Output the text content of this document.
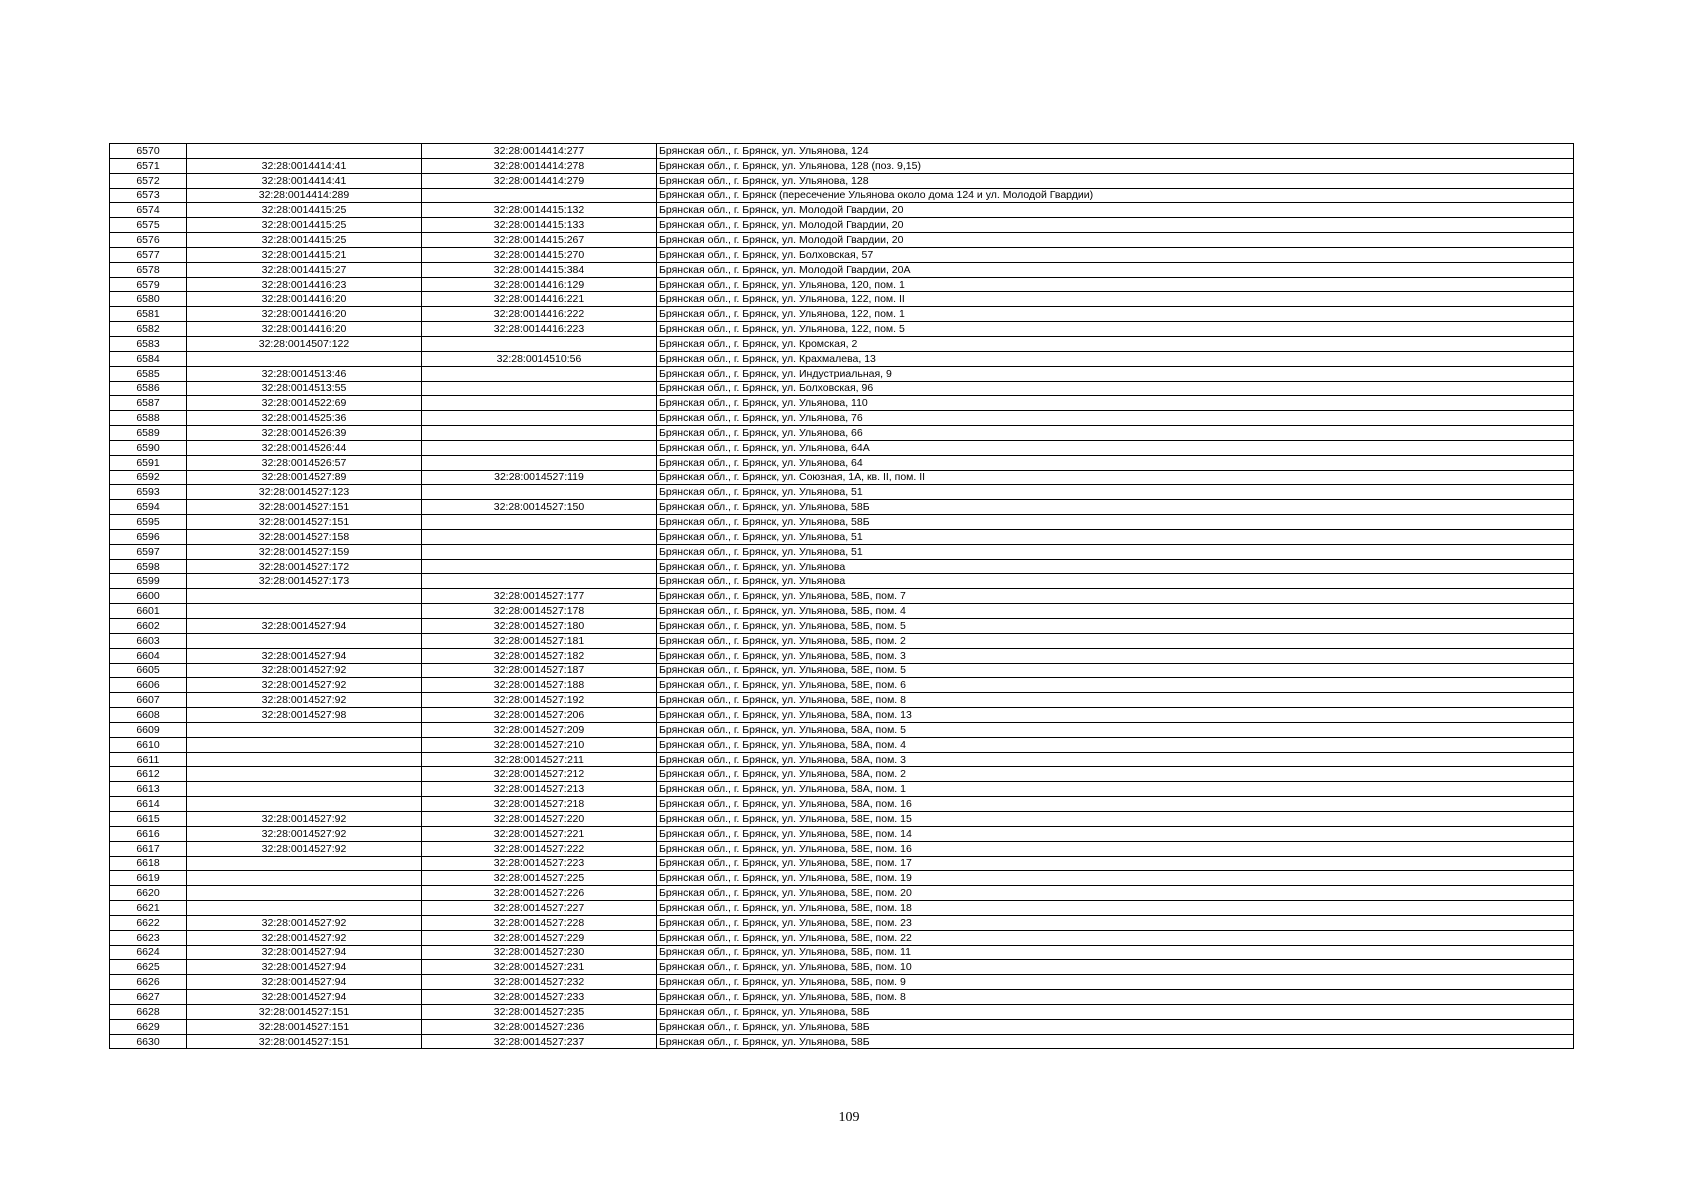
6570		32:28:0014414:277	Брянская обл., г. Брянск, ул. Ульянова, 124
6571	32:28:0014414:41	32:28:0014414:278	Брянская обл., г. Брянск, ул. Ульянова, 128 (поз. 9,15)
6572	32:28:0014414:41	32:28:0014414:279	Брянская обл., г. Брянск, ул. Ульянова, 128
6573	32:28:0014414:289		Брянская обл., г. Брянск (пересечение Ульянова около дома 124 и ул. Молодой Гвардии)
6574	32:28:0014415:25	32:28:0014415:132	Брянская обл., г. Брянск, ул. Молодой Гвардии, 20
6575	32:28:0014415:25	32:28:0014415:133	Брянская обл., г. Брянск, ул. Молодой Гвардии, 20
6576	32:28:0014415:25	32:28:0014415:267	Брянская обл., г. Брянск, ул. Молодой Гвардии, 20
6577	32:28:0014415:21	32:28:0014415:270	Брянская обл., г. Брянск, ул. Болховская, 57
6578	32:28:0014415:27	32:28:0014415:384	Брянская обл., г. Брянск, ул. Молодой Гвардии, 20А
6579	32:28:0014416:23	32:28:0014416:129	Брянская обл., г. Брянск, ул. Ульянова, 120, пом. 1
6580	32:28:0014416:20	32:28:0014416:221	Брянская обл., г. Брянск, ул. Ульянова, 122, пом. II
6581	32:28:0014416:20	32:28:0014416:222	Брянская обл., г. Брянск, ул. Ульянова, 122, пом. 1
6582	32:28:0014416:20	32:28:0014416:223	Брянская обл., г. Брянск, ул. Ульянова, 122, пом. 5
6583	32:28:0014507:122		Брянская обл., г. Брянск, ул. Кромская, 2
6584		32:28:0014510:56	Брянская обл., г. Брянск, ул. Крахмалева, 13
6585	32:28:0014513:46		Брянская обл., г. Брянск, ул. Индустриальная, 9
6586	32:28:0014513:55		Брянская обл., г. Брянск, ул. Болховская, 96
6587	32:28:0014522:69		Брянская обл., г. Брянск, ул. Ульянова, 110
6588	32:28:0014525:36		Брянская обл., г. Брянск, ул. Ульянова, 76
6589	32:28:0014526:39		Брянская обл., г. Брянск, ул. Ульянова, 66
6590	32:28:0014526:44		Брянская обл., г. Брянск, ул. Ульянова, 64А
6591	32:28:0014526:57		Брянская обл., г. Брянск, ул. Ульянова, 64
6592	32:28:0014527:89	32:28:0014527:119	Брянская обл., г. Брянск, ул. Союзная, 1А, кв. II, пом. II
6593	32:28:0014527:123		Брянская обл., г. Брянск, ул. Ульянова, 51
6594	32:28:0014527:151	32:28:0014527:150	Брянская обл., г. Брянск, ул. Ульянова, 58Б
6595	32:28:0014527:151		Брянская обл., г. Брянск, ул. Ульянова, 58Б
6596	32:28:0014527:158		Брянская обл., г. Брянск, ул. Ульянова, 51
6597	32:28:0014527:159		Брянская обл., г. Брянск, ул. Ульянова, 51
6598	32:28:0014527:172		Брянская обл., г. Брянск, ул. Ульянова
6599	32:28:0014527:173		Брянская обл., г. Брянск, ул. Ульянова
6600		32:28:0014527:177	Брянская обл., г. Брянск, ул. Ульянова, 58Б, пом. 7
6601		32:28:0014527:178	Брянская обл., г. Брянск, ул. Ульянова, 58Б, пом. 4
6602	32:28:0014527:94	32:28:0014527:180	Брянская обл., г. Брянск, ул. Ульянова, 58Б, пом. 5
6603		32:28:0014527:181	Брянская обл., г. Брянск, ул. Ульянова, 58Б, пом. 2
6604	32:28:0014527:94	32:28:0014527:182	Брянская обл., г. Брянск, ул. Ульянова, 58Б, пом. 3
6605	32:28:0014527:92	32:28:0014527:187	Брянская обл., г. Брянск, ул. Ульянова, 58Е, пом. 5
6606	32:28:0014527:92	32:28:0014527:188	Брянская обл., г. Брянск, ул. Ульянова, 58Е, пом. 6
6607	32:28:0014527:92	32:28:0014527:192	Брянская обл., г. Брянск, ул. Ульянова, 58Е, пом. 8
6608	32:28:0014527:98	32:28:0014527:206	Брянская обл., г. Брянск, ул. Ульянова, 58А, пом. 13
6609		32:28:0014527:209	Брянская обл., г. Брянск, ул. Ульянова, 58А, пом. 5
6610		32:28:0014527:210	Брянская обл., г. Брянск, ул. Ульянова, 58А, пом. 4
6611		32:28:0014527:211	Брянская обл., г. Брянск, ул. Ульянова, 58А, пом. 3
6612		32:28:0014527:212	Брянская обл., г. Брянск, ул. Ульянова, 58А, пом. 2
6613		32:28:0014527:213	Брянская обл., г. Брянск, ул. Ульянова, 58А, пом. 1
6614		32:28:0014527:218	Брянская обл., г. Брянск, ул. Ульянова, 58А, пом. 16
6615	32:28:0014527:92	32:28:0014527:220	Брянская обл., г. Брянск, ул. Ульянова, 58Е, пом. 15
6616	32:28:0014527:92	32:28:0014527:221	Брянская обл., г. Брянск, ул. Ульянова, 58Е, пом. 14
6617	32:28:0014527:92	32:28:0014527:222	Брянская обл., г. Брянск, ул. Ульянова, 58Е, пом. 16
6618		32:28:0014527:223	Брянская обл., г. Брянск, ул. Ульянова, 58Е, пом. 17
6619		32:28:0014527:225	Брянская обл., г. Брянск, ул. Ульянова, 58Е, пом. 19
6620		32:28:0014527:226	Брянская обл., г. Брянск, ул. Ульянова, 58Е, пом. 20
6621		32:28:0014527:227	Брянская обл., г. Брянск, ул. Ульянова, 58Е, пом. 18
6622	32:28:0014527:92	32:28:0014527:228	Брянская обл., г. Брянск, ул. Ульянова, 58Е, пом. 23
6623	32:28:0014527:92	32:28:0014527:229	Брянская обл., г. Брянск, ул. Ульянова, 58Е, пом. 22
6624	32:28:0014527:94	32:28:0014527:230	Брянская обл., г. Брянск, ул. Ульянова, 58Б, пом. 11
6625	32:28:0014527:94	32:28:0014527:231	Брянская обл., г. Брянск, ул. Ульянова, 58Б, пом. 10
6626	32:28:0014527:94	32:28:0014527:232	Брянская обл., г. Брянск, ул. Ульянова, 58Б, пом. 9
6627	32:28:0014527:94	32:28:0014527:233	Брянская обл., г. Брянск, ул. Ульянова, 58Б, пом. 8
6628	32:28:0014527:151	32:28:0014527:235	Брянская обл., г. Брянск, ул. Ульянова, 58Б
6629	32:28:0014527:151	32:28:0014527:236	Брянская обл., г. Брянск, ул. Ульянова, 58Б
6630	32:28:0014527:151	32:28:0014527:237	Брянская обл., г. Брянск, ул. Ульянова, 58Б
109
